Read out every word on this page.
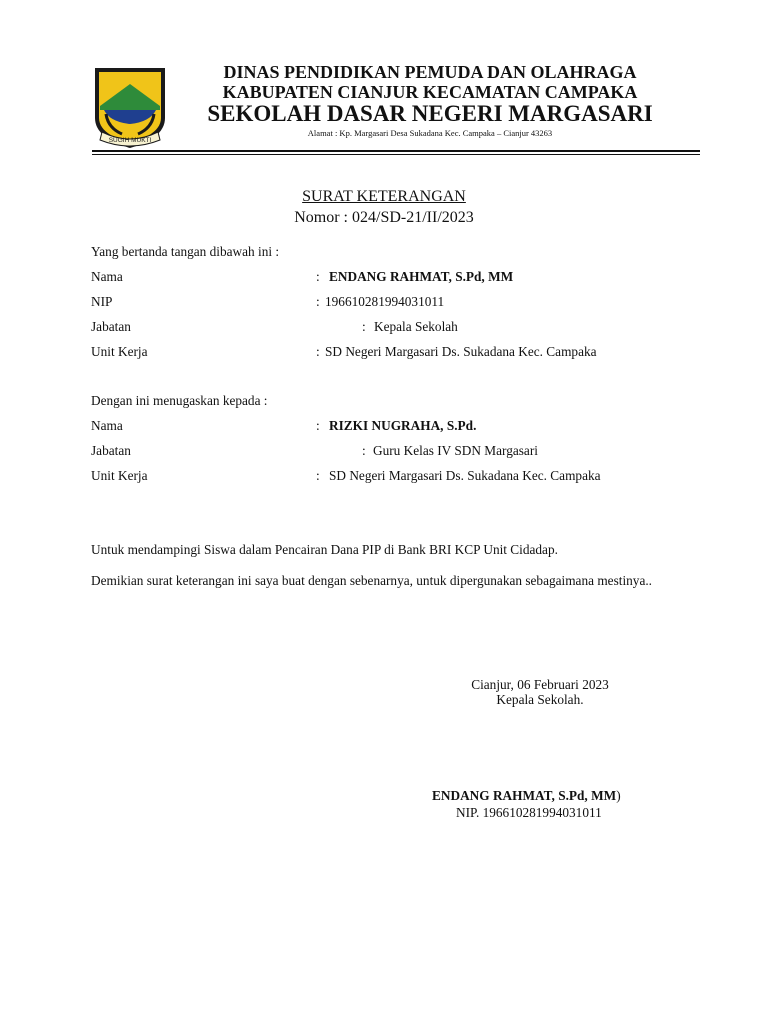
SUGIH MUKTI
DINAS PENDIDIKAN PEMUDA DAN OLAHRAGA
KABUPATEN CIANJUR KECAMATAN CAMPAKA
SEKOLAH DASAR NEGERI MARGASARI
Alamat : Kp. Margasari Desa Sukadana Kec. Campaka – Cianjur 43263
SURAT KETERANGAN
Nomor : 024/SD-21/II/2023
Yang bertanda tangan dibawah ini :
Nama	: ENDANG RAHMAT, S.Pd, MM
NIP	: 196610281994031011
Jabatan	: Kepala Sekolah
Unit Kerja	: SD Negeri Margasari Ds. Sukadana Kec. Campaka
Dengan ini menugaskan kepada :
Nama	: RIZKI NUGRAHA, S.Pd.
Jabatan	: Guru Kelas IV SDN Margasari
Unit Kerja	: SD Negeri Margasari Ds. Sukadana Kec. Campaka
Untuk mendampingi Siswa dalam Pencairan Dana PIP di Bank BRI KCP Unit Cidadap.
Demikian surat keterangan ini saya buat dengan sebenarnya, untuk dipergunakan sebagaimana mestinya..
Cianjur, 06 Februari 2023
Kepala Sekolah.
ENDANG RAHMAT, S.Pd, MM)
NIP. 196610281994031011
